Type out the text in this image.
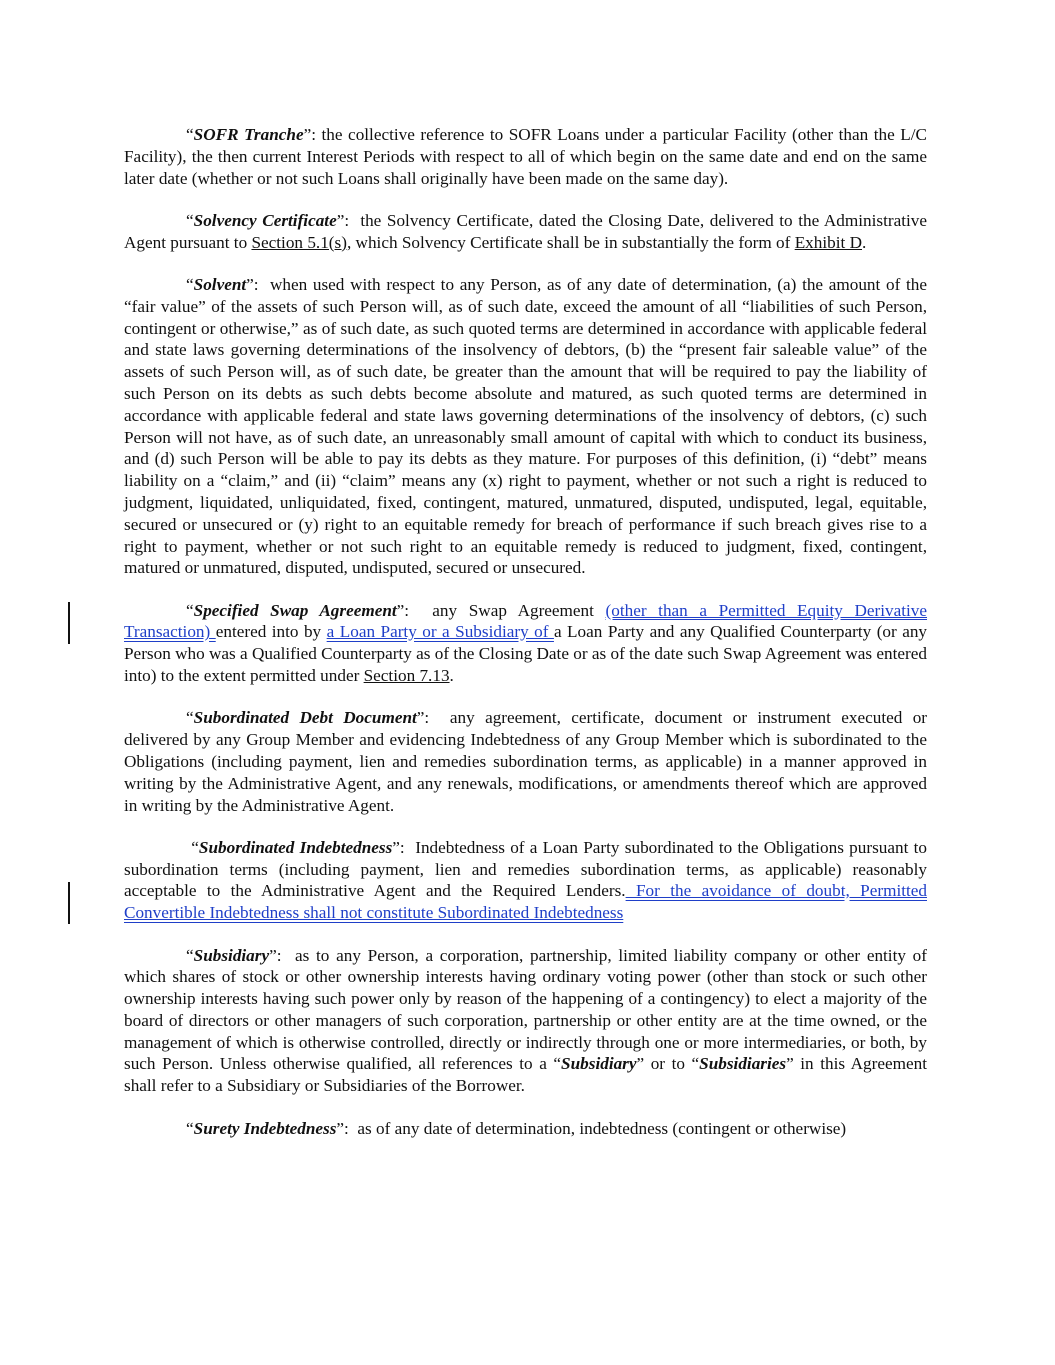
“SOFR Tranche”: the collective reference to SOFR Loans under a particular Facility (other than the L/C Facility), the then current Interest Periods with respect to all of which begin on the same date and end on the same later date (whether or not such Loans shall originally have been made on the same day).

“Solvency Certificate”:  the Solvency Certificate, dated the Closing Date, delivered to the Administrative Agent pursuant to Section 5.1(s), which Solvency Certificate shall be in substantially the form of Exhibit D.

“Solvent”:  when used with respect to any Person, as of any date of determination, (a) the amount of the “fair value” of the assets of such Person will, as of such date, exceed the amount of all “liabilities of such Person, contingent or otherwise,” as of such date, as such quoted terms are determined in accordance with applicable federal and state laws governing determinations of the insolvency of debtors, (b) the “present fair saleable value” of the assets of such Person will, as of such date, be greater than the amount that will be required to pay the liability of such Person on its debts as such debts become absolute and matured, as such quoted terms are determined in accordance with applicable federal and state laws governing determinations of the insolvency of debtors, (c) such Person will not have, as of such date, an unreasonably small amount of capital with which to conduct its business, and (d) such Person will be able to pay its debts as they mature. For purposes of this definition, (i) “debt” means liability on a “claim,” and (ii) “claim” means any (x) right to payment, whether or not such a right is reduced to judgment, liquidated, unliquidated, fixed, contingent, matured, unmatured, disputed, undisputed, legal, equitable, secured or unsecured or (y) right to an equitable remedy for breach of performance if such breach gives rise to a right to payment, whether or not such right to an equitable remedy is reduced to judgment, fixed, contingent, matured or unmatured, disputed, undisputed, secured or unsecured.

“Specified Swap Agreement”:  any Swap Agreement (other than a Permitted Equity Derivative Transaction) entered into by a Loan Party or a Subsidiary of a Loan Party and any Qualified Counterparty (or any Person who was a Qualified Counterparty as of the Closing Date or as of the date such Swap Agreement was entered into) to the extent permitted under Section 7.13.

“Subordinated Debt Document”:  any agreement, certificate, document or instrument executed or delivered by any Group Member and evidencing Indebtedness of any Group Member which is subordinated to the Obligations (including payment, lien and remedies subordination terms, as applicable) in a manner approved in writing by the Administrative Agent, and any renewals, modifications, or amendments thereof which are approved in writing by the Administrative Agent.

“Subordinated Indebtedness”:  Indebtedness of a Loan Party subordinated to the Obligations pursuant to subordination terms (including payment, lien and remedies subordination terms, as applicable) reasonably acceptable to the Administrative Agent and the Required Lenders. For the avoidance of doubt, Permitted Convertible Indebtedness shall not constitute Subordinated Indebtedness

“Subsidiary”:  as to any Person, a corporation, partnership, limited liability company or other entity of which shares of stock or other ownership interests having ordinary voting power (other than stock or such other ownership interests having such power only by reason of the happening of a contingency) to elect a majority of the board of directors or other managers of such corporation, partnership or other entity are at the time owned, or the management of which is otherwise controlled, directly or indirectly through one or more intermediaries, or both, by such Person. Unless otherwise qualified, all references to a “Subsidiary” or to “Subsidiaries” in this Agreement shall refer to a Subsidiary or Subsidiaries of the Borrower.

“Surety Indebtedness”:  as of any date of determination, indebtedness (contingent or otherwise)
